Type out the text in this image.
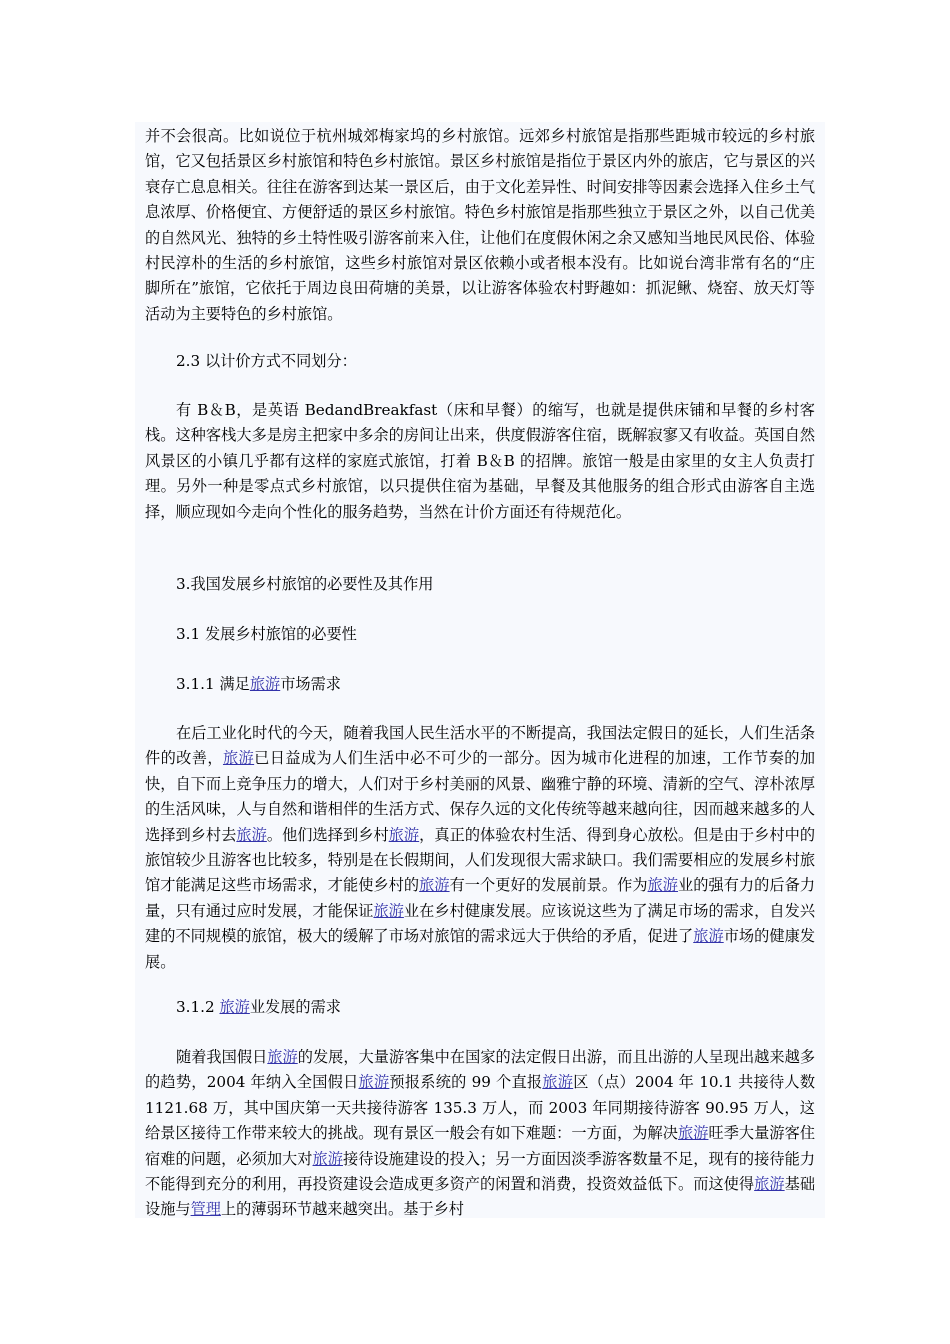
并不会很高。比如说位于杭州城郊梅家坞的乡村旅馆。远郊乡村旅馆是指那些距城市较远的乡村旅馆，它又包括景区乡村旅馆和特色乡村旅馆。景区乡村旅馆是指位于景区内外的旅店，它与景区的兴衰存亡息息相关。往往在游客到达某一景区后，由于文化差异性、时间安排等因素会选择入住乡土气息浓厚、价格便宜、方便舒适的景区乡村旅馆。特色乡村旅馆是指那些独立于景区之外，以自己优美的自然风光、独特的乡土特性吸引游客前来入住，让他们在度假休闲之余又感知当地民风民俗、体验村民淳朴的生活的乡村旅馆，这些乡村旅馆对景区依赖小或者根本没有。比如说台湾非常有名的“庄脚所在”旅馆，它依托于周边良田荷塘的美景，以让游客体验农村野趣如：抓泥鳅、烧窑、放天灯等活动为主要特色的乡村旅馆。

2.3 以计价方式不同划分：

有 B＆B，是英语 BedandBreakfast（床和早餐）的缩写，也就是提供床铺和早餐的乡村客栈。这种客栈大多是房主把家中多余的房间让出来，供度假游客住宿，既解寂寥又有收益。英国自然风景区的小镇几乎都有这样的家庭式旅馆，打着 B＆B 的招牌。旅馆一般是由家里的女主人负责打理。另外一种是零点式乡村旅馆，以只提供住宿为基础，早餐及其他服务的组合形式由游客自主选择，顺应现如今走向个性化的服务趋势，当然在计价方面还有待规范化。

3.我国发展乡村旅馆的必要性及其作用

3.1 发展乡村旅馆的必要性

3.1.1 满足旅游市场需求

在后工业化时代的今天，随着我国人民生活水平的不断提高，我国法定假日的延长，人们生活条件的改善，旅游已日益成为人们生活中必不可少的一部分。因为城市化进程的加速，工作节奏的加快，自下而上竞争压力的增大，人们对于乡村美丽的风景、幽雅宁静的环境、清新的空气、淳朴浓厚的生活风味，人与自然和谐相伴的生活方式、保存久远的文化传统等越来越向往，因而越来越多的人选择到乡村去旅游。他们选择到乡村旅游，真正的体验农村生活、得到身心放松。但是由于乡村中的旅馆较少且游客也比较多，特别是在长假期间，人们发现很大需求缺口。我们需要相应的发展乡村旅馆才能满足这些市场需求，才能使乡村的旅游有一个更好的发展前景。作为旅游业的强有力的后备力量，只有通过应时发展，才能保证旅游业在乡村健康发展。应该说这些为了满足市场的需求，自发兴建的不同规模的旅馆，极大的缓解了市场对旅馆的需求远大于供给的矛盾，促进了旅游市场的健康发展。

3.1.2 旅游业发展的需求

随着我国假日旅游的发展，大量游客集中在国家的法定假日出游，而且出游的人呈现出越来越多的趋势，2004 年纳入全国假日旅游预报系统的 99 个直报旅游区（点）2004 年 10.1 共接待人数 1121.68 万，其中国庆第一天共接待游客 135.3 万人，而 2003 年同期接待游客 90.95 万人，这给景区接待工作带来较大的挑战。现有景区一般会有如下难题：一方面，为解决旅游旺季大量游客住宿难的问题，必须加大对旅游接待设施建设的投入；另一方面因淡季游客数量不足，现有的接待能力不能得到充分的利用，再投资建设会造成更多资产的闲置和消费，投资效益低下。而这使得旅游基础设施与管理上的薄弱环节越来越突出。基于乡村
